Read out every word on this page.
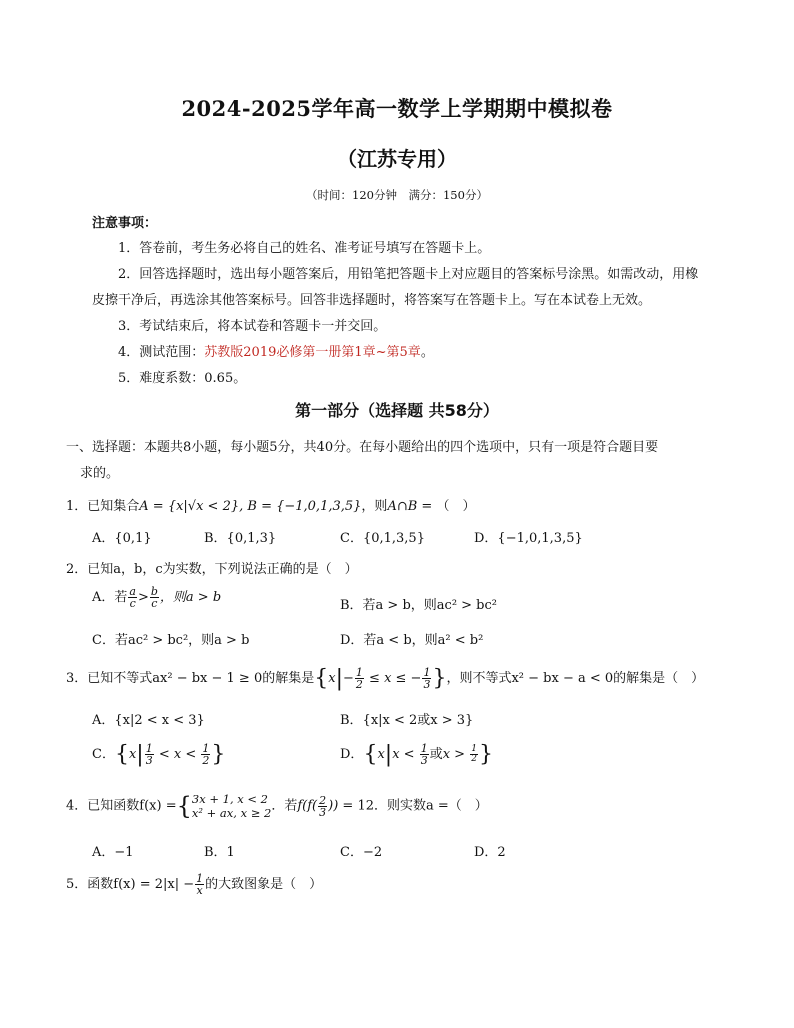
2024-2025学年高一数学上学期期中模拟卷
（江苏专用）
（时间：120分钟　满分：150分）
注意事项：
1．答卷前，考生务必将自己的姓名、准考证号填写在答题卡上。
2．回答选择题时，选出每小题答案后，用铅笔把答题卡上对应题目的答案标号涂黑。如需改动，用橡
皮擦干净后，再选涂其他答案标号。回答非选择题时，将答案写在答题卡上。写在本试卷上无效。
3．考试结束后，将本试卷和答题卡一并交回。
4．测试范围：苏教版2019必修第一册第1章~第5章。
5．难度系数：0.65。
第一部分（选择题 共58分）
一、选择题：本题共8小题，每小题5分，共40分。在每小题给出的四个选项中，只有一项是符合题目要
求的。
1．已知集合A = {x|√x < 2}, B = {−1,0,1,3,5}，则A∩B = （　）
A．{0,1}	B．{0,1,3}	C．{0,1,3,5}	D．{−1,0,1,3,5}
2．已知a，b，c为实数，下列说法正确的是（　）
A．若 $\frac{a}{c} > \frac{b}{c}$ ，则a > b
B．若a > b，则ac² > bc²
C．若ac² > bc²，则a > b	D．若a < b，则a² < b²
3．已知不等式ax² − bx − 1 ≥ 0的解集是{$x|- \frac{1}{2} \le x$ ≤ − $\frac{1}{3}$ }，则不等式x² − bx − a < 0的解集是（　）
A．{x|2 < x < 3}	B．{x|x < 2或x > 3}
C．{$x| \frac{1}{3} < x < \frac{1}{2}$ }	D．{$x|x < \frac{1}{3}$ 或$x > \frac{1}{2}$ }
4．已知函数f(x) ={ 3x + 1, x < 2
x² + ax, x ≥ 2 ．若$f(f( \frac{2}{3}$ )) = 12．则实数a =（　）
A．−1	B．1	C．−2	D．2
5．函数$f(x) = 2|x| - \frac{1}{x}$ 的大致图象是（　）
